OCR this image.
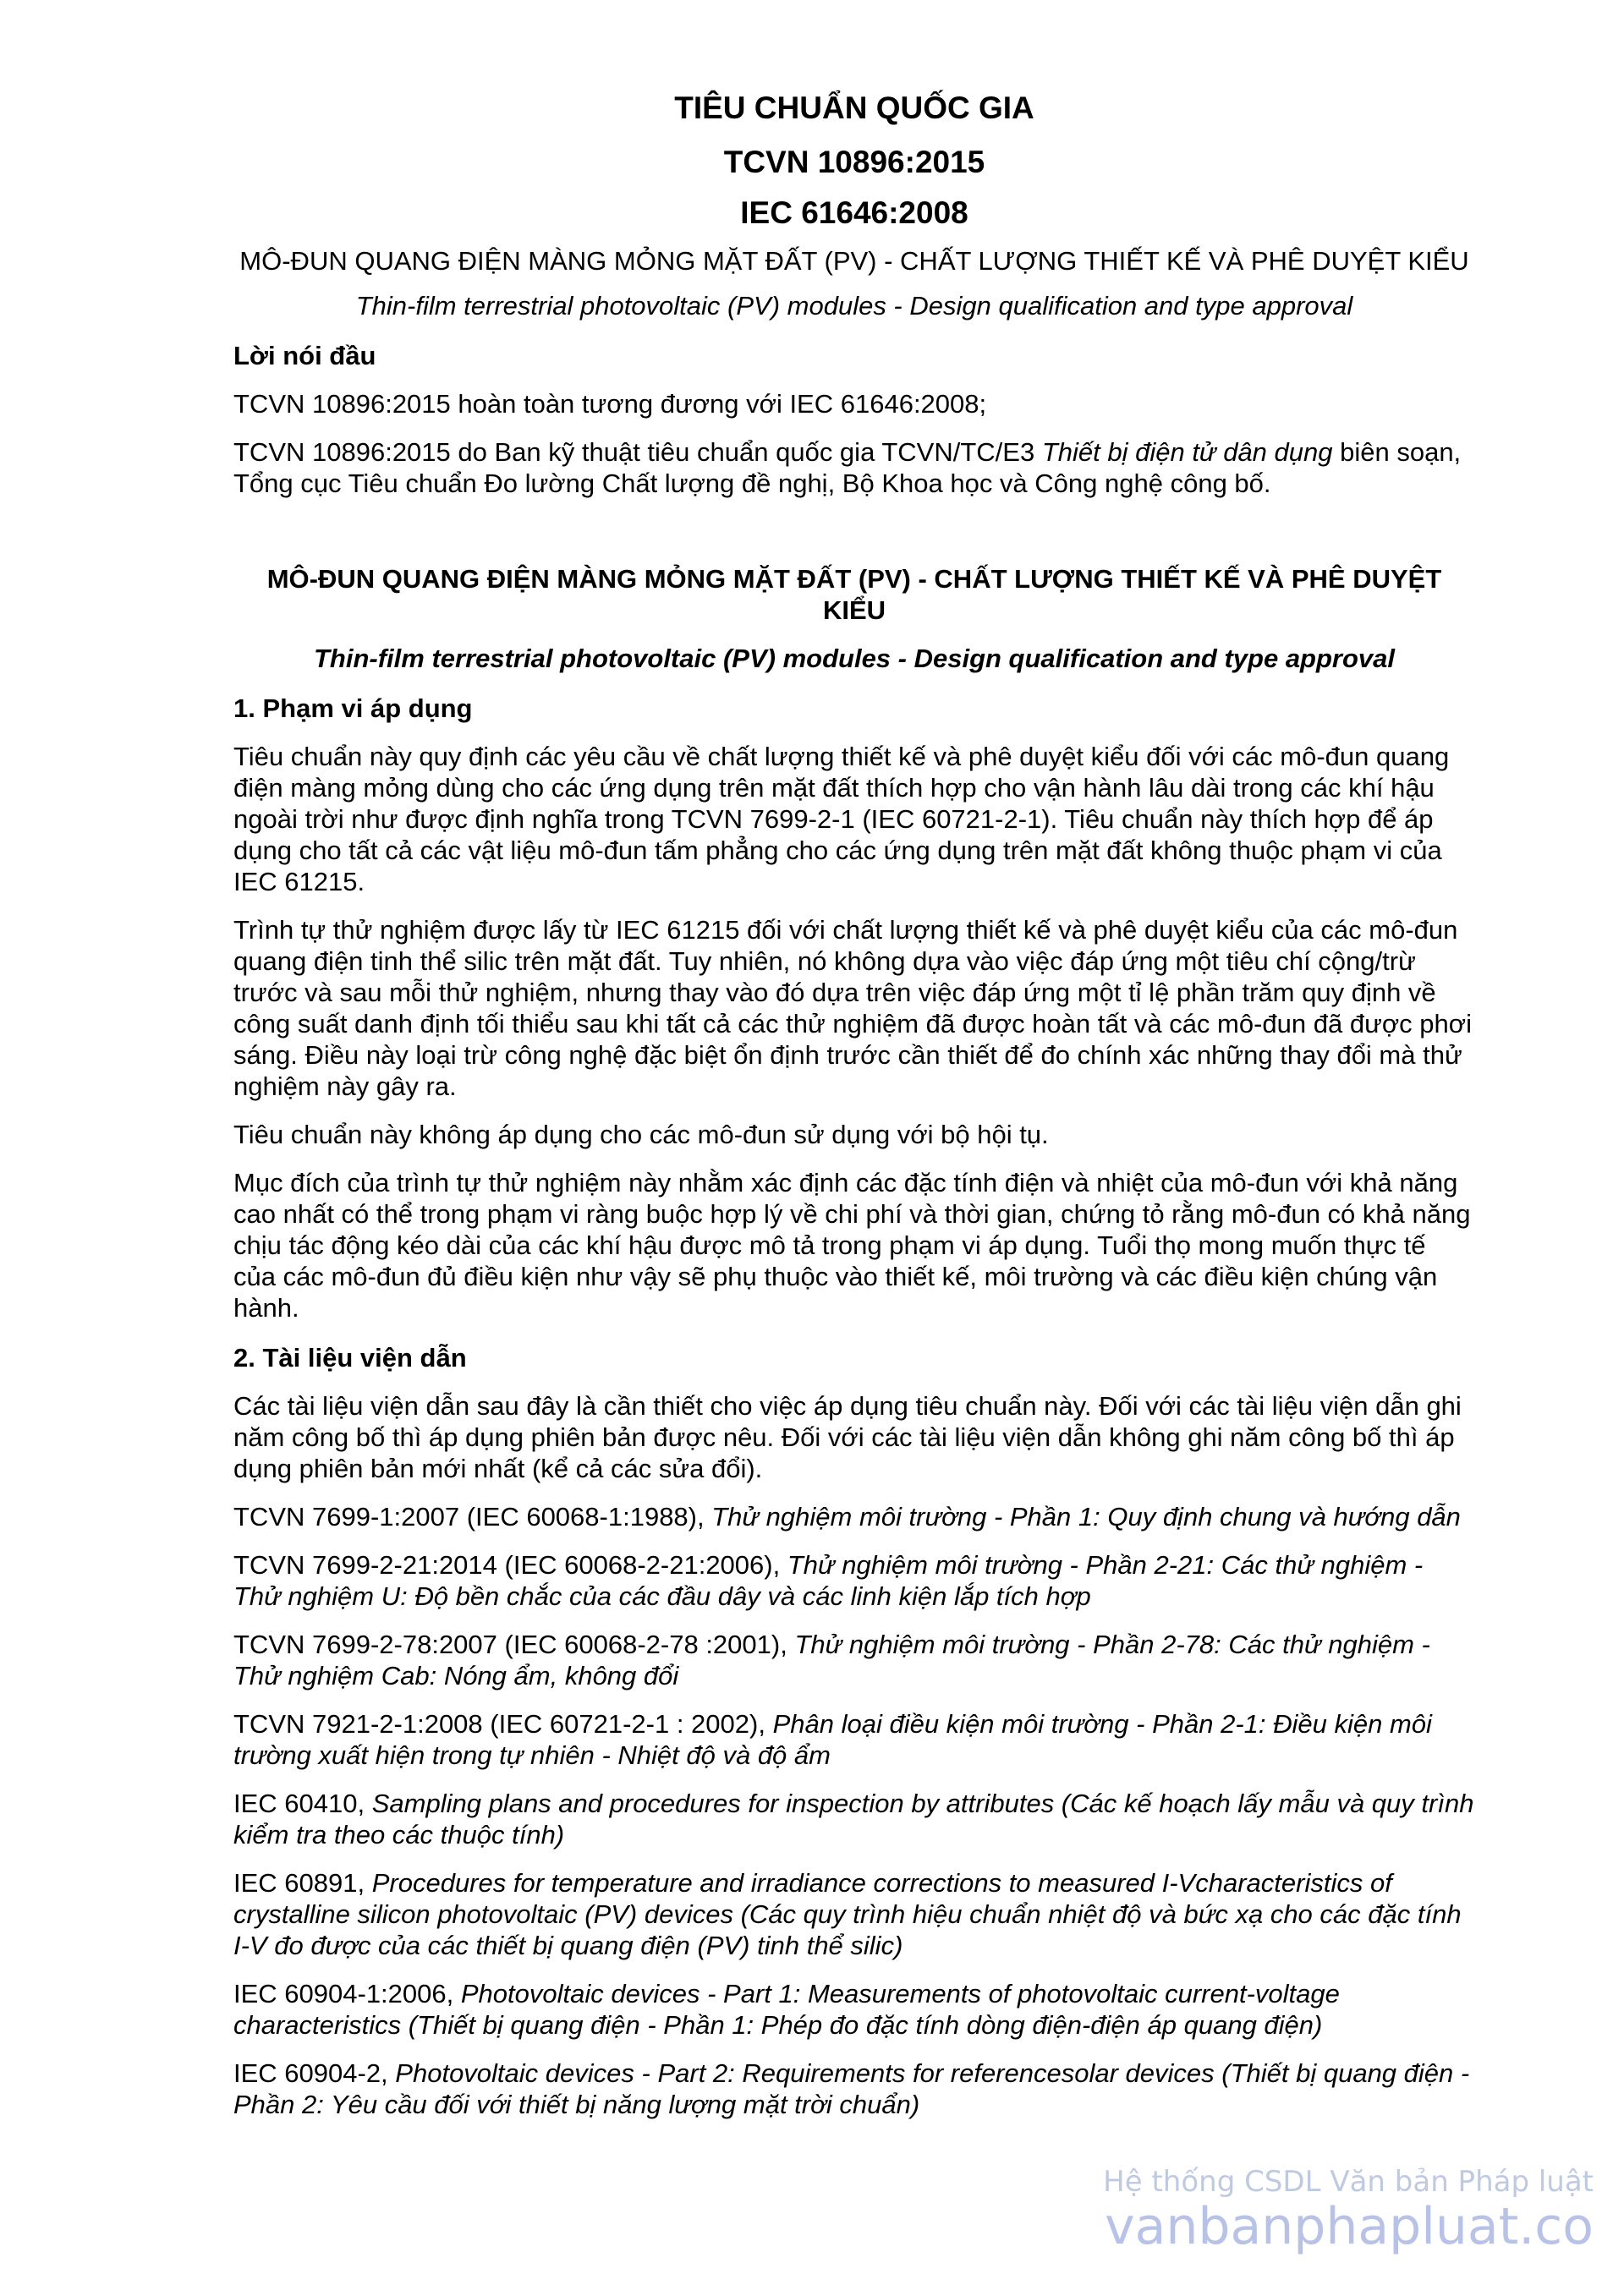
TIÊU CHUẨN QUỐC GIA
TCVN 10896:2015
IEC 61646:2008
MÔ-ĐUN QUANG ĐIỆN MÀNG MỎNG MẶT ĐẤT (PV) - CHẤT LƯỢNG THIẾT KẾ VÀ PHÊ DUYỆT KIỂU
Thin-film terrestrial photovoltaic (PV) modules - Design qualification and type approval
Lời nói đầu

TCVN 10896:2015 hoàn toàn tương đương với IEC 61646:2008;

TCVN 10896:2015 do Ban kỹ thuật tiêu chuẩn quốc gia TCVN/TC/E3 Thiết bị điện tử dân dụng biên soạn, Tổng cục Tiêu chuẩn Đo lường Chất lượng đề nghị, Bộ Khoa học và Công nghệ công bố.

MÔ-ĐUN QUANG ĐIỆN MÀNG MỎNG MẶT ĐẤT (PV) - CHẤT LƯỢNG THIẾT KẾ VÀ PHÊ DUYỆT KIỂU
Thin-film terrestrial photovoltaic (PV) modules - Design qualification and type approval
1. Phạm vi áp dụng

Tiêu chuẩn này quy định các yêu cầu về chất lượng thiết kế và phê duyệt kiểu đối với các mô-đun quang điện màng mỏng dùng cho các ứng dụng trên mặt đất thích hợp cho vận hành lâu dài trong các khí hậu ngoài trời như được định nghĩa trong TCVN 7699-2-1 (IEC 60721-2-1). Tiêu chuẩn này thích hợp để áp dụng cho tất cả các vật liệu mô-đun tấm phẳng cho các ứng dụng trên mặt đất không thuộc phạm vi của IEC 61215.

Trình tự thử nghiệm được lấy từ IEC 61215 đối với chất lượng thiết kế và phê duyệt kiểu của các mô-đun quang điện tinh thể silic trên mặt đất. Tuy nhiên, nó không dựa vào việc đáp ứng một tiêu chí cộng/trừ trước và sau mỗi thử nghiệm, nhưng thay vào đó dựa trên việc đáp ứng một tỉ lệ phần trăm quy định về công suất danh định tối thiểu sau khi tất cả các thử nghiệm đã được hoàn tất và các mô-đun đã được phơi sáng. Điều này loại trừ công nghệ đặc biệt ổn định trước cần thiết để đo chính xác những thay đổi mà thử nghiệm này gây ra.

Tiêu chuẩn này không áp dụng cho các mô-đun sử dụng với bộ hội tụ.

Mục đích của trình tự thử nghiệm này nhằm xác định các đặc tính điện và nhiệt của mô-đun với khả năng cao nhất có thể trong phạm vi ràng buộc hợp lý về chi phí và thời gian, chứng tỏ rằng mô-đun có khả năng chịu tác động kéo dài của các khí hậu được mô tả trong phạm vi áp dụng. Tuổi thọ mong muốn thực tế của các mô-đun đủ điều kiện như vậy sẽ phụ thuộc vào thiết kế, môi trường và các điều kiện chúng vận hành.

2. Tài liệu viện dẫn

Các tài liệu viện dẫn sau đây là cần thiết cho việc áp dụng tiêu chuẩn này. Đối với các tài liệu viện dẫn ghi năm công bố thì áp dụng phiên bản được nêu. Đối với các tài liệu viện dẫn không ghi năm công bố thì áp dụng phiên bản mới nhất (kể cả các sửa đổi).

TCVN 7699-1:2007 (IEC 60068-1:1988), Thử nghiệm môi trường - Phần 1: Quy định chung và hướng dẫn

TCVN 7699-2-21:2014 (IEC 60068-2-21:2006), Thử nghiệm môi trường - Phần 2-21: Các thử nghiệm - Thử nghiệm U: Độ bền chắc của các đầu dây và các linh kiện lắp tích hợp

TCVN 7699-2-78:2007 (IEC 60068-2-78 :2001), Thử nghiệm môi trường - Phần 2-78: Các thử nghiệm - Thử nghiệm Cab: Nóng ẩm, không đổi

TCVN 7921-2-1:2008 (IEC 60721-2-1 : 2002), Phân loại điều kiện môi trường - Phần 2-1: Điều kiện môi trường xuất hiện trong tự nhiên - Nhiệt độ và độ ẩm

IEC 60410, Sampling plans and procedures for inspection by attributes (Các kế hoạch lấy mẫu và quy trình kiểm tra theo các thuộc tính)

IEC 60891, Procedures for temperature and irradiance corrections to measured I-Vcharacteristics of crystalline silicon photovoltaic (PV) devices (Các quy trình hiệu chuẩn nhiệt độ và bức xạ cho các đặc tính I-V đo được của các thiết bị quang điện (PV) tinh thể silic)

IEC 60904-1:2006, Photovoltaic devices - Part 1: Measurements of photovoltaic current-voltage characteristics (Thiết bị quang điện - Phần 1: Phép đo đặc tính dòng điện-điện áp quang điện)

IEC 60904-2, Photovoltaic devices - Part 2: Requirements for referencesolar devices (Thiết bị quang điện - Phần 2: Yêu cầu đối với thiết bị năng lượng mặt trời chuẩn)

Hệ thống CSDL Văn bản Pháp luật
vanbanphapluat.co
